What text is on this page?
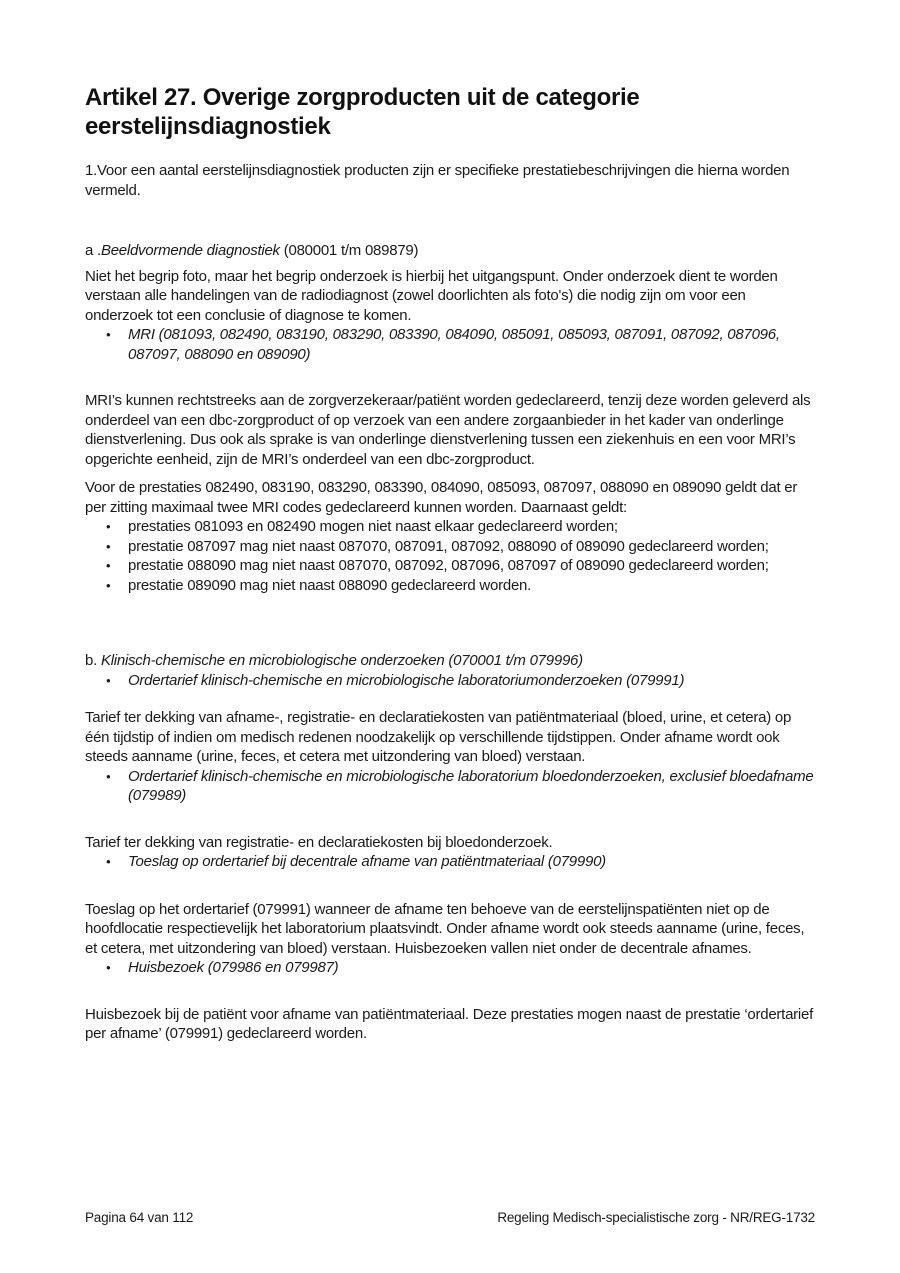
Artikel 27. Overige zorgproducten uit de categorie eerstelijnsdiagnostiek

1.Voor een aantal eerstelijnsdiagnostiek producten zijn er specifieke prestatiebeschrijvingen die hierna worden vermeld.

a .Beeldvormende diagnostiek (080001 t/m 089879)

Niet het begrip foto, maar het begrip onderzoek is hierbij het uitgangspunt. Onder onderzoek dient te worden verstaan alle handelingen van de radiodiagnost (zowel doorlichten als foto's) die nodig zijn om voor een onderzoek tot een conclusie of diagnose te komen.

• MRI (081093, 082490, 083190, 083290, 083390, 084090, 085091, 085093, 087091, 087092, 087096, 087097, 088090 en 089090)

MRI’s kunnen rechtstreeks aan de zorgverzekeraar/patiënt worden gedeclareerd, tenzij deze worden geleverd als onderdeel van een dbc-zorgproduct of op verzoek van een andere zorgaanbieder in het kader van onderlinge dienstverlening. Dus ook als sprake is van onderlinge dienstverlening tussen een ziekenhuis en een voor MRI’s opgerichte eenheid, zijn de MRI’s onderdeel van een dbc-zorgproduct.

Voor de prestaties 082490, 083190, 083290, 083390, 084090, 085093, 087097, 088090 en 089090 geldt dat er per zitting maximaal twee MRI codes gedeclareerd kunnen worden. Daarnaast geldt:

• prestaties 081093 en 082490 mogen niet naast elkaar gedeclareerd worden;
• prestatie 087097 mag niet naast 087070, 087091, 087092, 088090 of 089090 gedeclareerd worden;
• prestatie 088090 mag niet naast 087070, 087092, 087096, 087097 of 089090 gedeclareerd worden;
• prestatie 089090 mag niet naast 088090 gedeclareerd worden.

b. Klinisch-chemische en microbiologische onderzoeken (070001 t/m 079996)

• Ordertarief klinisch-chemische en microbiologische laboratoriumonderzoeken (079991)

Tarief ter dekking van afname-, registratie- en declaratiekosten van patiëntmateriaal (bloed, urine, et cetera) op één tijdstip of indien om medisch redenen noodzakelijk op verschillende tijdstippen. Onder afname wordt ook steeds aanname (urine, feces, et cetera met uitzondering van bloed) verstaan.

• Ordertarief klinisch-chemische en microbiologische laboratorium bloedonderzoeken, exclusief bloedafname (079989)

Tarief ter dekking van registratie- en declaratiekosten bij bloedonderzoek.

• Toeslag op ordertarief bij decentrale afname van patiëntmateriaal (079990)

Toeslag op het ordertarief (079991) wanneer de afname ten behoeve van de eerstelijnspatiënten niet op de hoofdlocatie respectievelijk het laboratorium plaatsvindt. Onder afname wordt ook steeds aanname (urine, feces, et cetera, met uitzondering van bloed) verstaan. Huisbezoeken vallen niet onder de decentrale afnames.

• Huisbezoek (079986 en 079987)

Huisbezoek bij de patiënt voor afname van patiëntmateriaal. Deze prestaties mogen naast de prestatie ‘ordertarief per afname’ (079991) gedeclareerd worden.

Pagina 64 van 112	Regeling Medisch-specialistische zorg - NR/REG-1732
